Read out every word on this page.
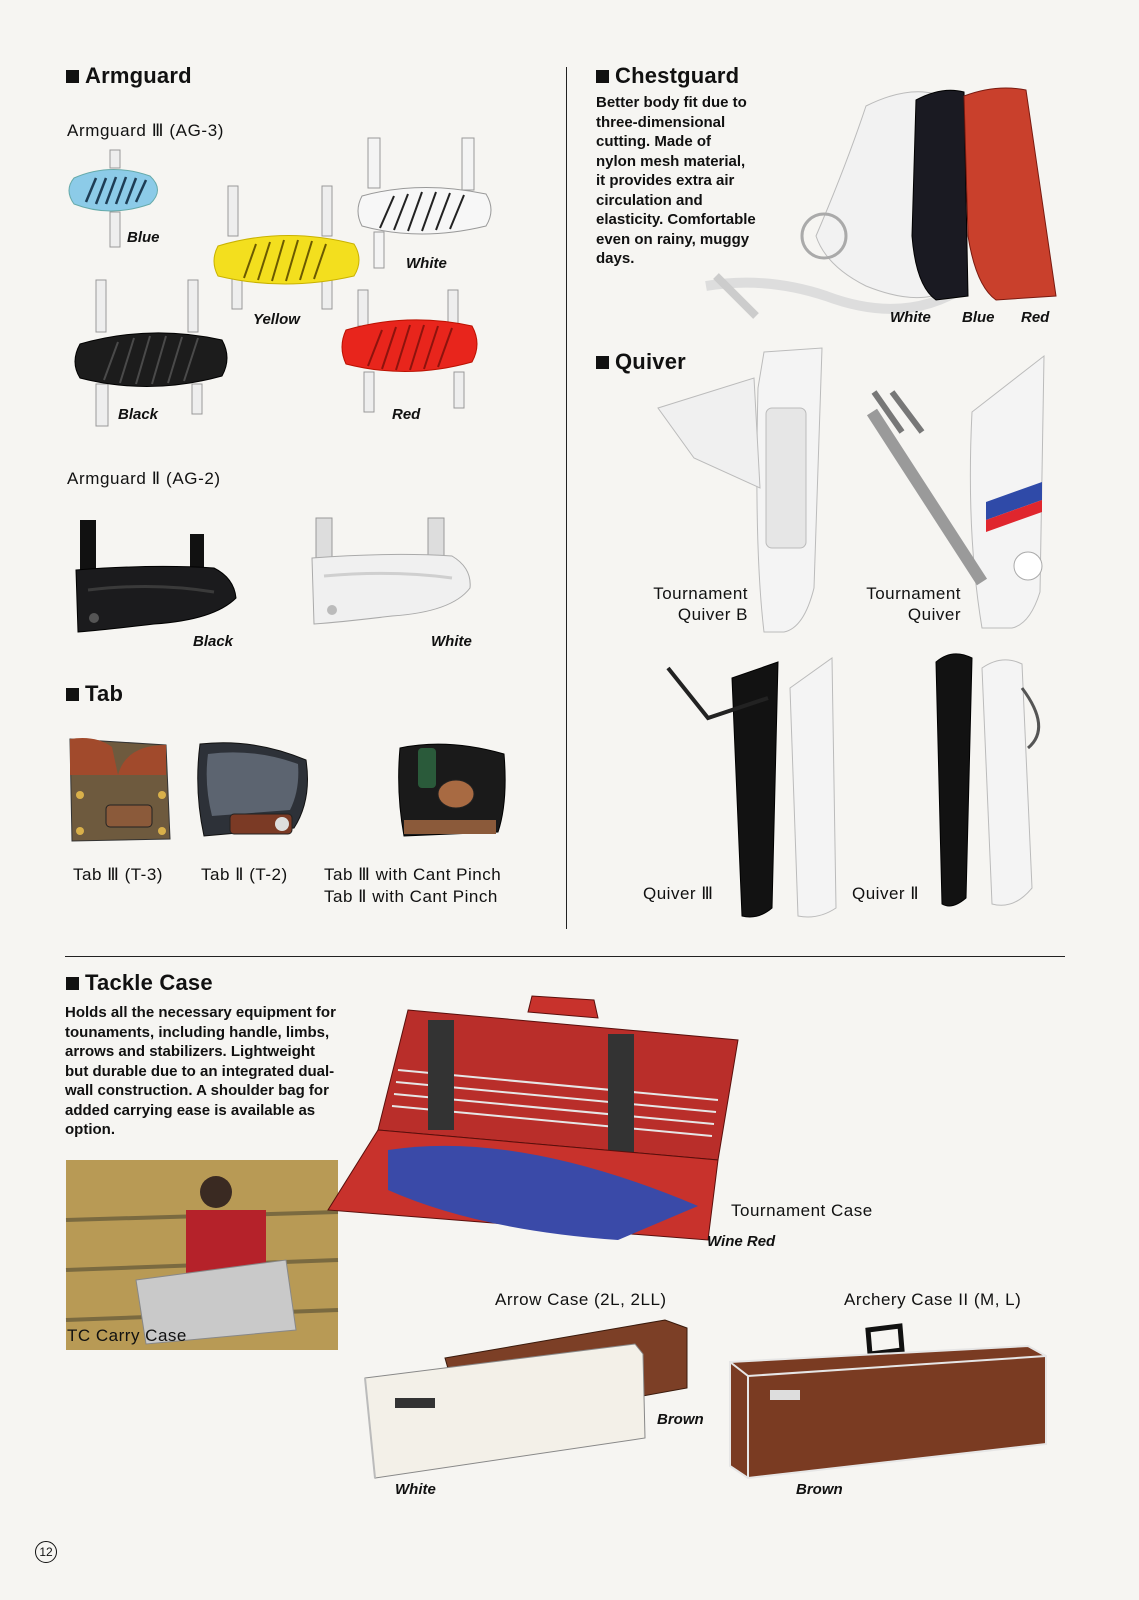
Armguard
Armguard Ⅲ (AG-3)
Blue
Yellow
White
Black	Red
Armguard Ⅱ (AG-2)
Black	White
Tab
Tab Ⅲ (T-3) Tab Ⅱ (T-2) Tab Ⅲ with Cant Pinch
Tab Ⅱ with Cant Pinch
Chestguard
Better body fit due to
three-dimensional
cutting. Made of
nylon mesh material,
it provides extra air
circulation and
elasticity. Comfortable
even on rainy, muggy
days.
White Blue Red
Quiver
Tournament
Quiver B
Tournament
Quiver
Quiver Ⅲ	Quiver Ⅱ
Tackle Case
Holds all the necessary equipment for
tounaments, including handle, limbs,
arrows and stabilizers. Lightweight
but durable due to an integrated dual-
wall construction. A shoulder bag for
added carrying ease is available as
option.
TC Carry Case
Tournament Case
Wine Red
Arrow Case (2L, 2LL)
Brown
White
Archery Case II (M, L)
Brown
12
